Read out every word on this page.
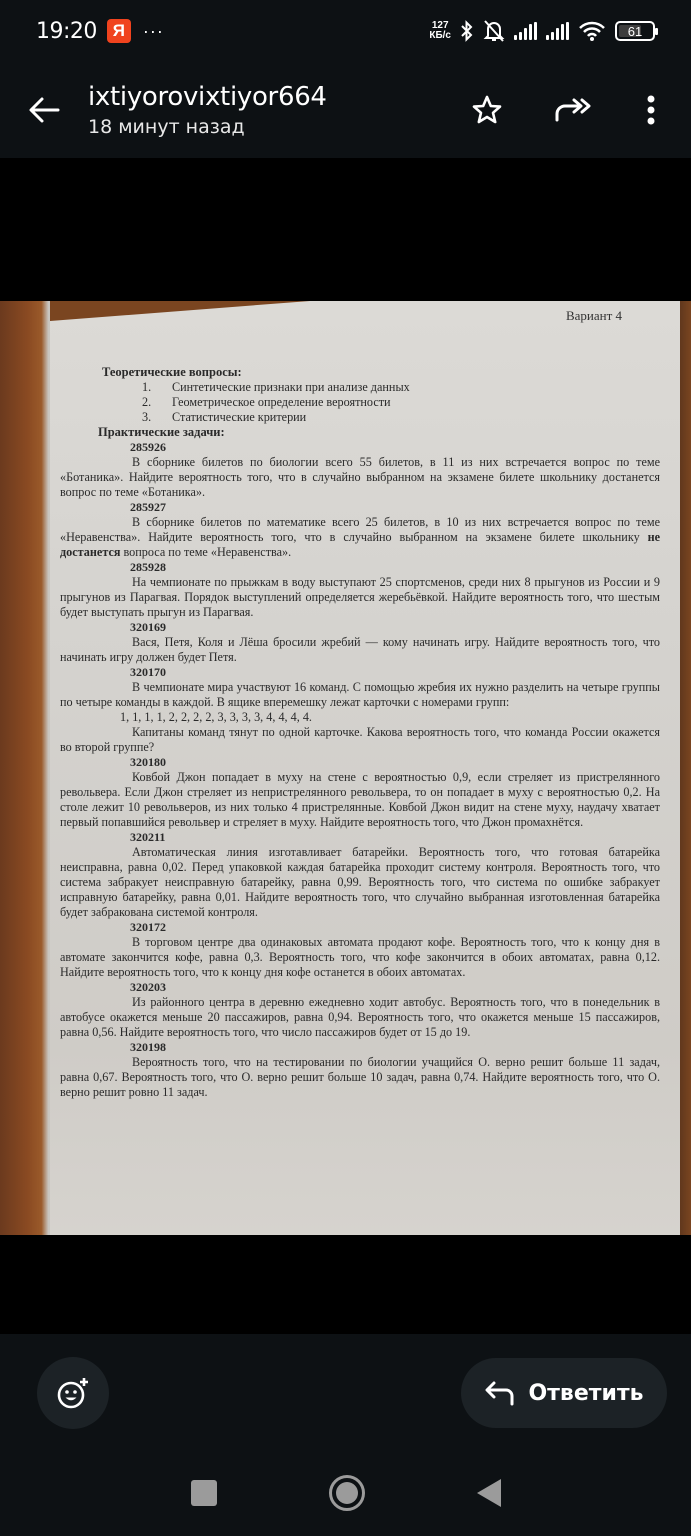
19:20 Я ···	127
КБ/с	61
ixtiyorovixtiyor664
18 минут назад
Вариант 4
Теоретические вопросы:
1.	Синтетические признаки при анализе данных
2.	Геометрическое определение вероятности
3.	Статистические критерии
Практические задачи:
285926
В сборнике билетов по биологии всего 55 билетов, в 11 из них встречается вопрос по теме «Ботаника». Найдите вероятность того, что в случайно выбранном на экзамене билете школьнику достанется вопрос по теме «Ботаника».
285927
В сборнике билетов по математике всего 25 билетов, в 10 из них встречается вопрос по теме «Неравенства». Найдите вероятность того, что в случайно выбранном на экзамене билете школьнику не достанется вопроса по теме «Неравенства».
285928
На чемпионате по прыжкам в воду выступают 25 спортсменов, среди них 8 прыгунов из России и 9 прыгунов из Парагвая. Порядок выступлений определяется жеребьёвкой. Найдите вероятность того, что шестым будет выступать прыгун из Парагвая.
320169
Вася, Петя, Коля и Лёша бросили жребий — кому начинать игру. Найдите вероятность того, что начинать игру должен будет Петя.
320170
В чемпионате мира участвуют 16 команд. С помощью жребия их нужно разделить на четыре группы по четыре команды в каждой. В ящике вперемешку лежат карточки с номерами групп:
1, 1, 1, 1, 2, 2, 2, 2, 3, 3, 3, 3, 4, 4, 4, 4.
Капитаны команд тянут по одной карточке. Какова вероятность того, что команда России окажется во второй группе?
320180
Ковбой Джон попадает в муху на стене с вероятностью 0,9, если стреляет из пристрелянного револьвера. Если Джон стреляет из непристрелянного револьвера, то он попадает в муху с вероятностью 0,2. На столе лежит 10 револьверов, из них только 4 пристрелянные. Ковбой Джон видит на стене муху, наудачу хватает первый попавшийся револьвер и стреляет в муху. Найдите вероятность того, что Джон промахнётся.
320211
Автоматическая линия изготавливает батарейки. Вероятность того, что готовая батарейка неисправна, равна 0,02. Перед упаковкой каждая батарейка проходит систему контроля. Вероятность того, что система забракует неисправную батарейку, равна 0,99. Вероятность того, что система по ошибке забракует исправную батарейку, равна 0,01. Найдите вероятность того, что случайно выбранная изготовленная батарейка будет забракована системой контроля.
320172
В торговом центре два одинаковых автомата продают кофе. Вероятность того, что к концу дня в автомате закончится кофе, равна 0,3. Вероятность того, что кофе закончится в обоих автоматах, равна 0,12. Найдите вероятность того, что к концу дня кофе останется в обоих автоматах.
320203
Из районного центра в деревню ежедневно ходит автобус. Вероятность того, что в понедельник в автобусе окажется меньше 20 пассажиров, равна 0,94. Вероятность того, что окажется меньше 15 пассажиров, равна 0,56. Найдите вероятность того, что число пассажиров будет от 15 до 19.
320198
Вероятность того, что на тестировании по биологии учащийся О. верно решит больше 11 задач, равна 0,67. Вероятность того, что О. верно решит больше 10 задач, равна 0,74. Найдите вероятность того, что О. верно решит ровно 11 задач.
Ответить
